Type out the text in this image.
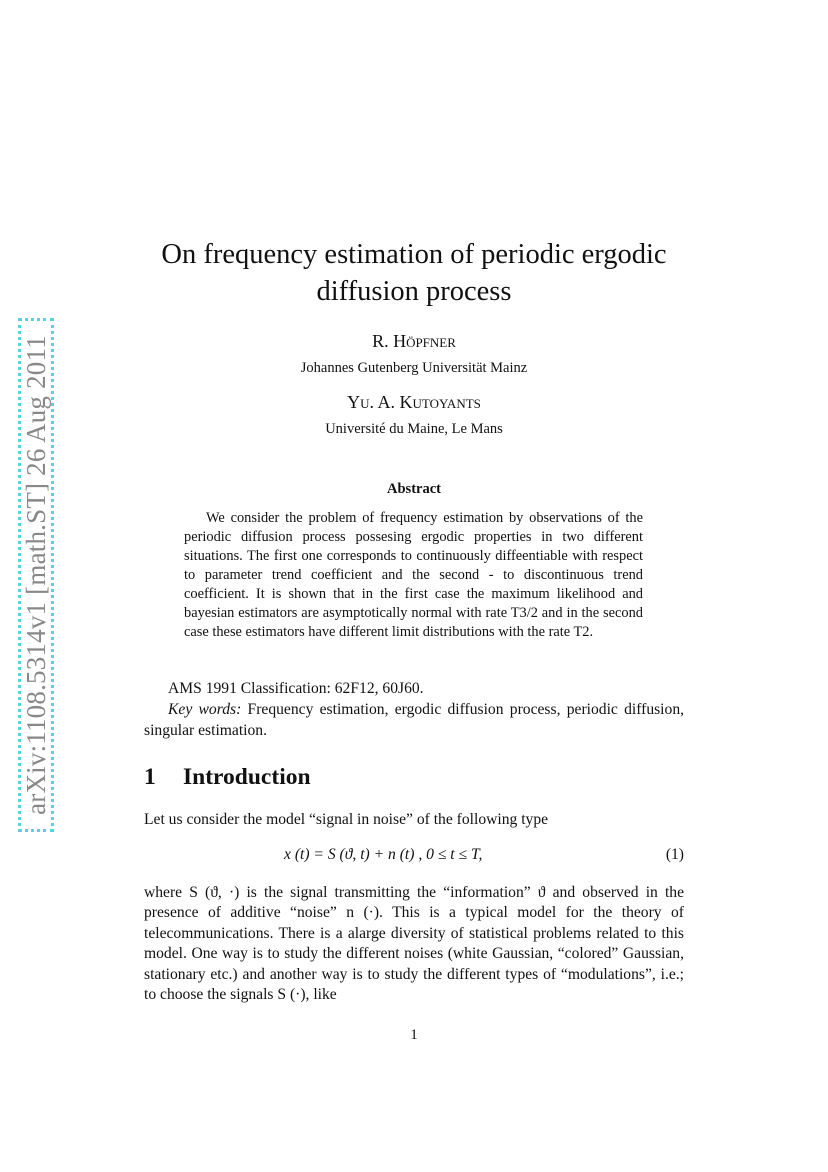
arXiv:1108.5314v1 [math.ST] 26 Aug 2011
On frequency estimation of periodic ergodic
diffusion process
R. Höpfner
Johannes Gutenberg Universität Mainz
Yu. A. Kutoyants
Université du Maine, Le Mans
Abstract

We consider the problem of frequency estimation by observations of the periodic diffusion process possesing ergodic properties in two different situations. The first one corresponds to continuously diffeentiable with respect to parameter trend coefficient and the second - to discontinuous trend coefficient. It is shown that in the first case the maximum likelihood and bayesian estimators are asymptotically normal with rate T3/2 and in the second case these estimators have different limit distributions with the rate T2.

AMS 1991 Classification: 62F12, 60J60.

Key words: Frequency estimation, ergodic diffusion process, periodic diffusion, singular estimation.

1 Introduction

Let us consider the model “signal in noise” of the following type

x (t) = S (ϑ, t) + n (t) , 0 ≤ t ≤ T,	(1)

where S (ϑ, ·) is the signal transmitting the “information” ϑ and observed in the presence of additive “noise” n (·). This is a typical model for the theory of telecommunications. There is a alarge diversity of statistical problems related to this model. One way is to study the different noises (white Gaussian, “colored” Gaussian, stationary etc.) and another way is to study the different types of “modulations”, i.e.; to choose the signals S (·), like

1
